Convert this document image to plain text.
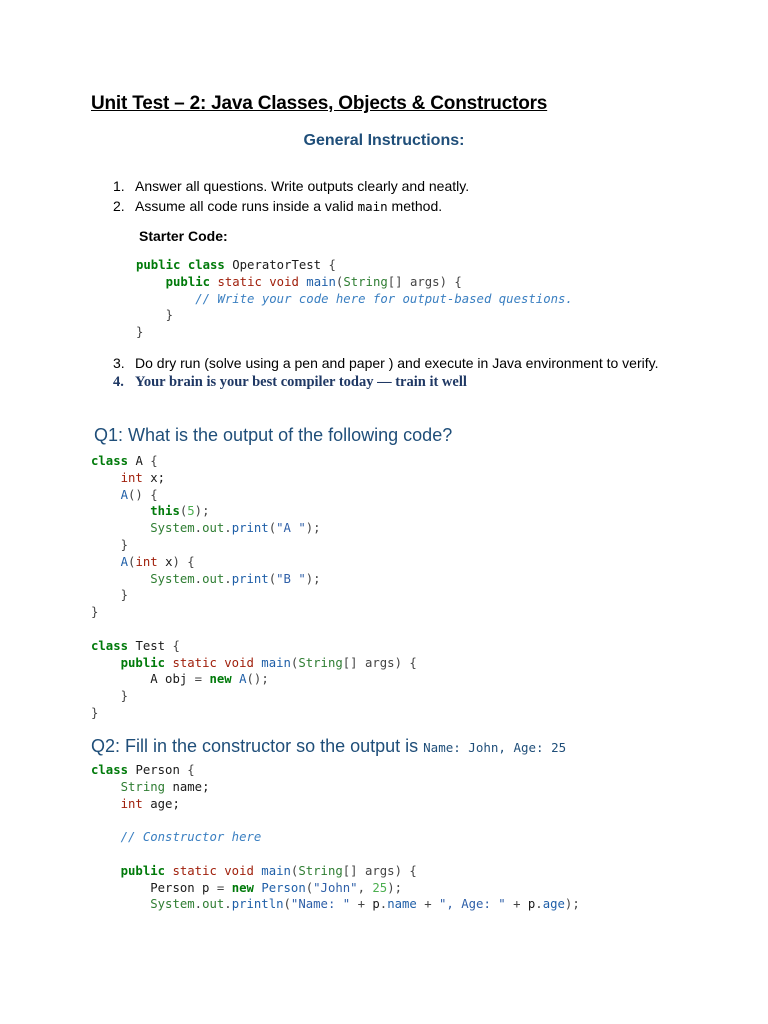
Unit Test – 2: Java Classes, Objects & Constructors
General Instructions:
1. Answer all questions. Write outputs clearly and neatly.
2. Assume all code runs inside a valid main method.
Starter Code:
public class OperatorTest {
public static void main(String[] args) {
// Write your code here for output-based questions.
}
}
3. Do dry run (solve using a pen and paper ) and execute in Java environment to verify.
4. Your brain is your best compiler today — train it well
Q1: What is the output of the following code?
class A {
int x;
A() {
this(5);
System.out.print("A ");
}
A(int x) {
System.out.print("B ");
}
}

class Test {
public static void main(String[] args) {
A obj = new A();
}
}
Q2: Fill in the constructor so the output is Name: John, Age: 25
class Person {
String name;
int age;

// Constructor here

public static void main(String[] args) {
Person p = new Person("John", 25);
System.out.println("Name: " + p.name + ", Age: " + p.age);
